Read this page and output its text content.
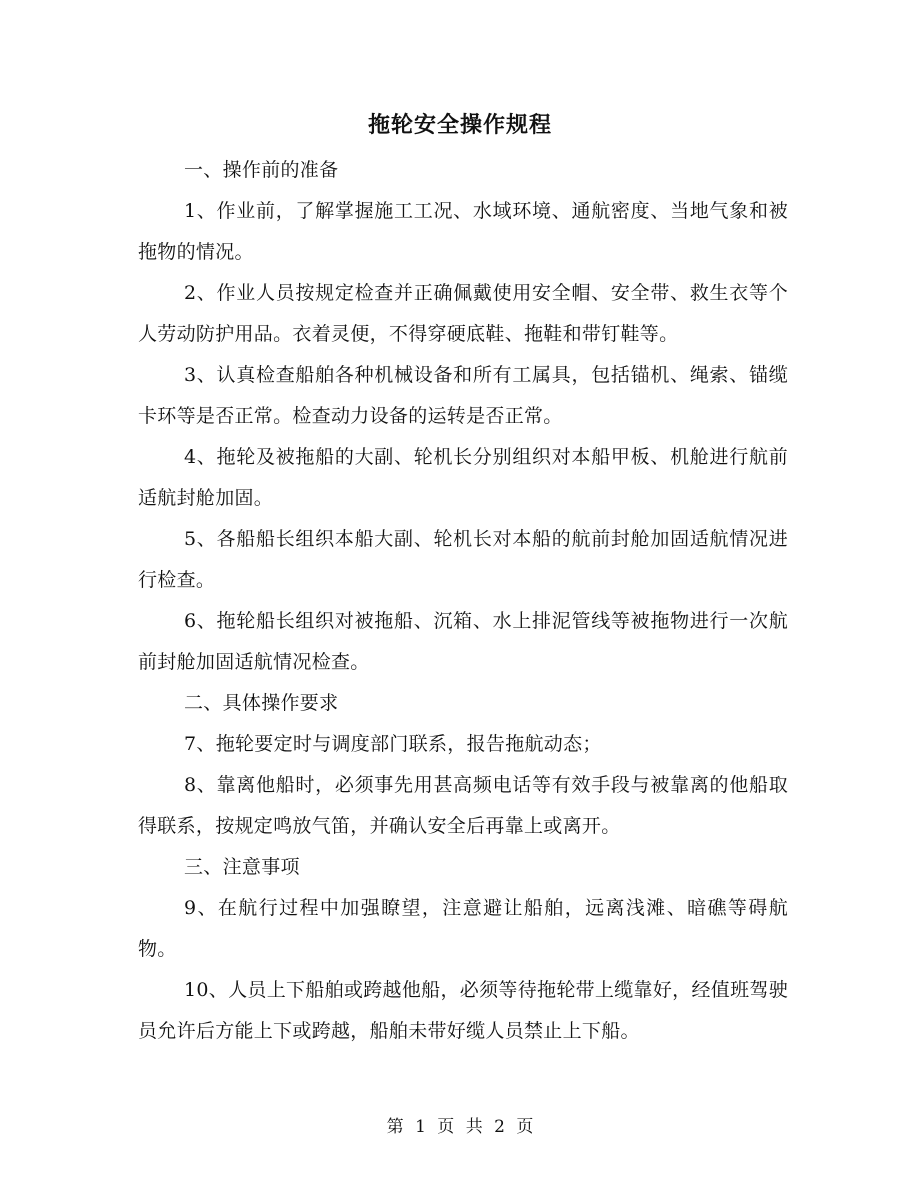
拖轮安全操作规程

一、操作前的准备

1、作业前，了解掌握施工工况、水域环境、通航密度、当地气象和被拖物的情况。

2、作业人员按规定检查并正确佩戴使用安全帽、安全带、救生衣等个人劳动防护用品。衣着灵便，不得穿硬底鞋、拖鞋和带钉鞋等。

3、认真检查船舶各种机械设备和所有工属具，包括锚机、绳索、锚缆卡环等是否正常。检查动力设备的运转是否正常。

4、拖轮及被拖船的大副、轮机长分别组织对本船甲板、机舱进行航前适航封舱加固。

5、各船船长组织本船大副、轮机长对本船的航前封舱加固适航情况进行检查。

6、拖轮船长组织对被拖船、沉箱、水上排泥管线等被拖物进行一次航前封舱加固适航情况检查。

二、具体操作要求

7、拖轮要定时与调度部门联系，报告拖航动态；

8、靠离他船时，必须事先用甚高频电话等有效手段与被靠离的他船取得联系，按规定鸣放气笛，并确认安全后再靠上或离开。

三、注意事项

9、在航行过程中加强瞭望，注意避让船舶，远离浅滩、暗礁等碍航物。

10、人员上下船舶或跨越他船，必须等待拖轮带上缆靠好，经值班驾驶员允许后方能上下或跨越，船舶未带好缆人员禁止上下船。

第 1 页 共 2 页
